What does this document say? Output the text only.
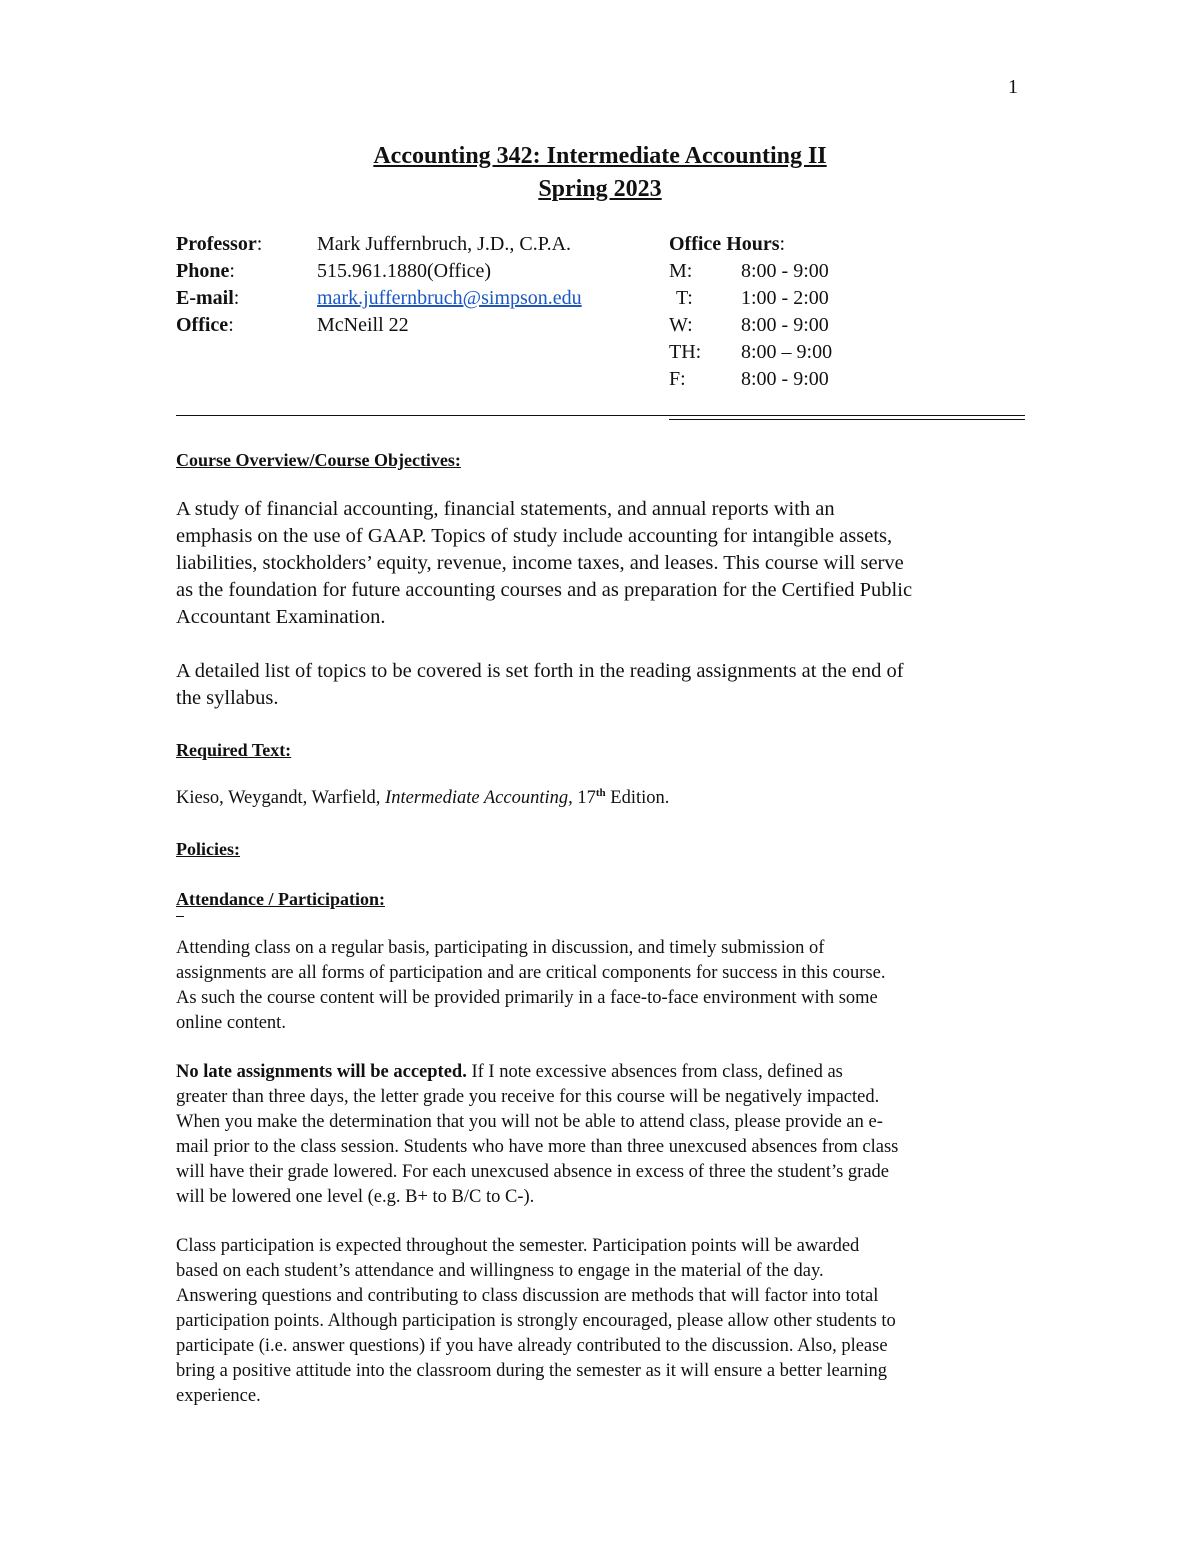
1
Accounting 342: Intermediate Accounting II
Spring 2023
Professor:	Mark Juffernbruch, J.D., C.P.A.
Phone:	515.961.1880(Office)
E-mail:	mark.juffernbruch@simpson.edu
Office:	McNeill 22
Office Hours:
M: 8:00 - 9:00
T: 1:00 - 2:00
W: 8:00 - 9:00
TH: 8:00 – 9:00
F:	8:00 - 9:00
Course Overview/Course Objectives:

A study of financial accounting, financial statements, and annual reports with an
emphasis on the use of GAAP. Topics of study include accounting for intangible assets,
liabilities, stockholders’ equity, revenue, income taxes, and leases. This course will serve
as the foundation for future accounting courses and as preparation for the Certified Public
Accountant Examination.

A detailed list of topics to be covered is set forth in the reading assignments at the end of
the syllabus.

Required Text:
Kieso, Weygandt, Warfield, Intermediate Accounting, 17th Edition.
Policies:
Attendance / Participation:

Attending class on a regular basis, participating in discussion, and timely submission of
assignments are all forms of participation and are critical components for success in this course.
As such the course content will be provided primarily in a face-to-face environment with some
online content.

No late assignments will be accepted. If I note excessive absences from class, defined as
greater than three days, the letter grade you receive for this course will be negatively impacted.
When you make the determination that you will not be able to attend class, please provide an e-
mail prior to the class session. Students who have more than three unexcused absences from class
will have their grade lowered. For each unexcused absence in excess of three the student’s grade
will be lowered one level (e.g. B+ to B/C to C-).

Class participation is expected throughout the semester. Participation points will be awarded
based on each student’s attendance and willingness to engage in the material of the day.
Answering questions and contributing to class discussion are methods that will factor into total
participation points. Although participation is strongly encouraged, please allow other students to
participate (i.e. answer questions) if you have already contributed to the discussion. Also, please
bring a positive attitude into the classroom during the semester as it will ensure a better learning
experience.
